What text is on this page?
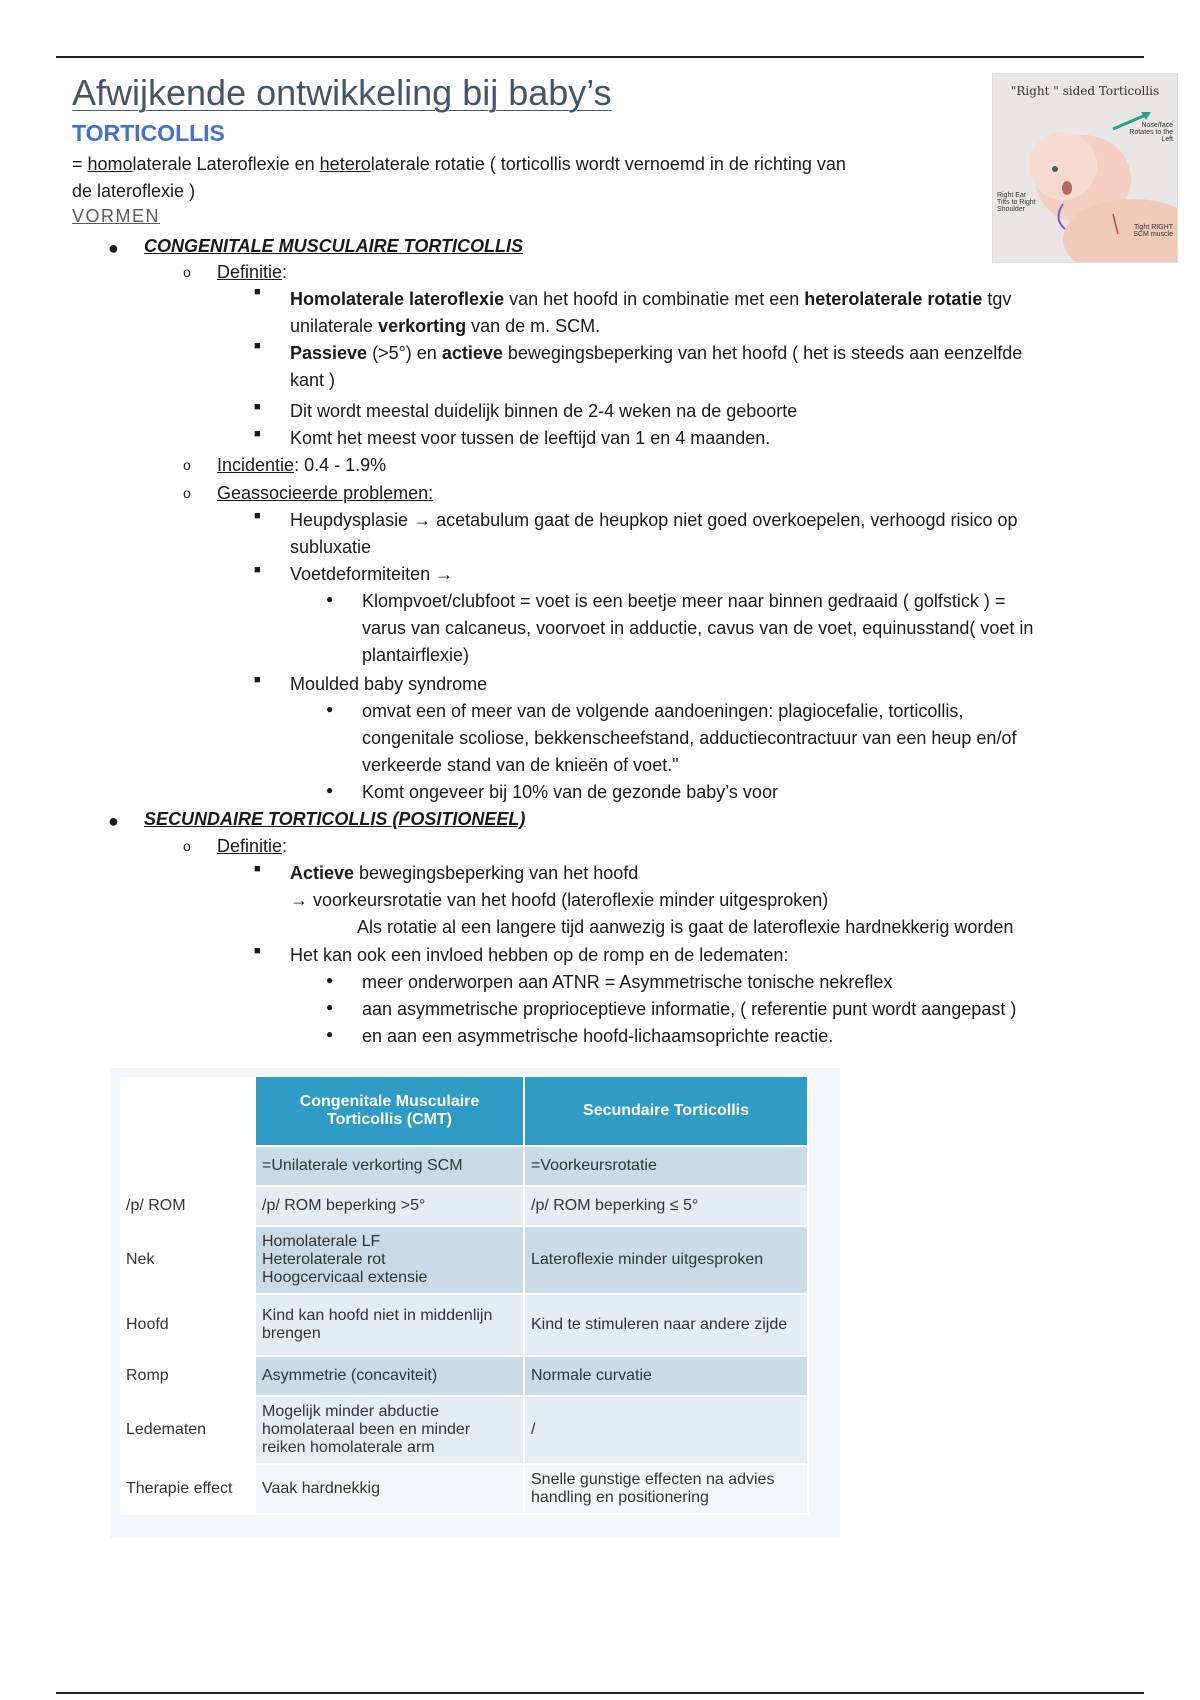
Afwijkende ontwikkeling bij baby’s
TORTICOLLIS
= homolaterale Lateroflexie en heterolaterale rotatie ( torticollis wordt vernoemd in de richting van
de lateroflexie )
VORMEN
"Right " sided Torticollis
Nose/face Rotates to the Left
Right Ear Tilts to Right Shoulder
Tight RIGHT SCM muscle
● CONGENITALE MUSCULAIRE TORTICOLLIS
o Definitie:
■ Homolaterale lateroflexie van het hoofd in combinatie met een heterolaterale rotatie tgv
unilaterale verkorting van de m. SCM.
■ Passieve (>5°) en actieve bewegingsbeperking van het hoofd ( het is steeds aan eenzelfde
kant )
■ Dit wordt meestal duidelijk binnen de 2-4 weken na de geboorte
■ Komt het meest voor tussen de leeftijd van 1 en 4 maanden.
o Incidentie: 0.4 - 1.9%
o Geassocieerde problemen:
■ Heupdysplasie → acetabulum gaat de heupkop niet goed overkoepelen, verhoogd risico op
subluxatie
■ Voetdeformiteiten →
● Klompvoet/clubfoot = voet is een beetje meer naar binnen gedraaid ( golfstick ) =
varus van calcaneus, voorvoet in adductie, cavus van de voet, equinusstand( voet in
plantairflexie)
■ Moulded baby syndrome
● omvat een of meer van de volgende aandoeningen: plagiocefalie, torticollis,
congenitale scoliose, bekkenscheefstand, adductiecontractuur van een heup en/of
verkeerde stand van de knieën of voet."
● Komt ongeveer bij 10% van de gezonde baby’s voor
● SECUNDAIRE TORTICOLLIS (POSITIONEEL)
o Definitie:
■ Actieve bewegingsbeperking van het hoofd
→ voorkeursrotatie van het hoofd (lateroflexie minder uitgesproken)
Als rotatie al een langere tijd aanwezig is gaat de lateroflexie hardnekkerig worden
■ Het kan ook een invloed hebben op de romp en de ledematen:
● meer onderworpen aan ATNR = Asymmetrische tonische nekreflex
● aan asymmetrische proprioceptieve informatie, ( referentie punt wordt aangepast )
● en aan een asymmetrische hoofd-lichaamsoprichte reactie.
	Congenitale Musculaire Torticollis (CMT)	Secundaire Torticollis
	=Unilaterale verkorting SCM	=Voorkeursrotatie
/p/ ROM	/p/ ROM beperking >5°	/p/ ROM beperking ≤ 5°
Nek	Homolaterale LF
Heterolaterale rot
Hoogcervicaal extensie	Lateroflexie minder uitgesproken
Hoofd	Kind kan hoofd niet in middenlijn brengen	Kind te stimuleren naar andere zijde
Romp	Asymmetrie (concaviteit)	Normale curvatie
Ledematen	Mogelijk minder abductie homolateraal been en minder reiken homolaterale arm	/
Therapie effect	Vaak hardnekkig	Snelle gunstige effecten na advies handling en positionering
